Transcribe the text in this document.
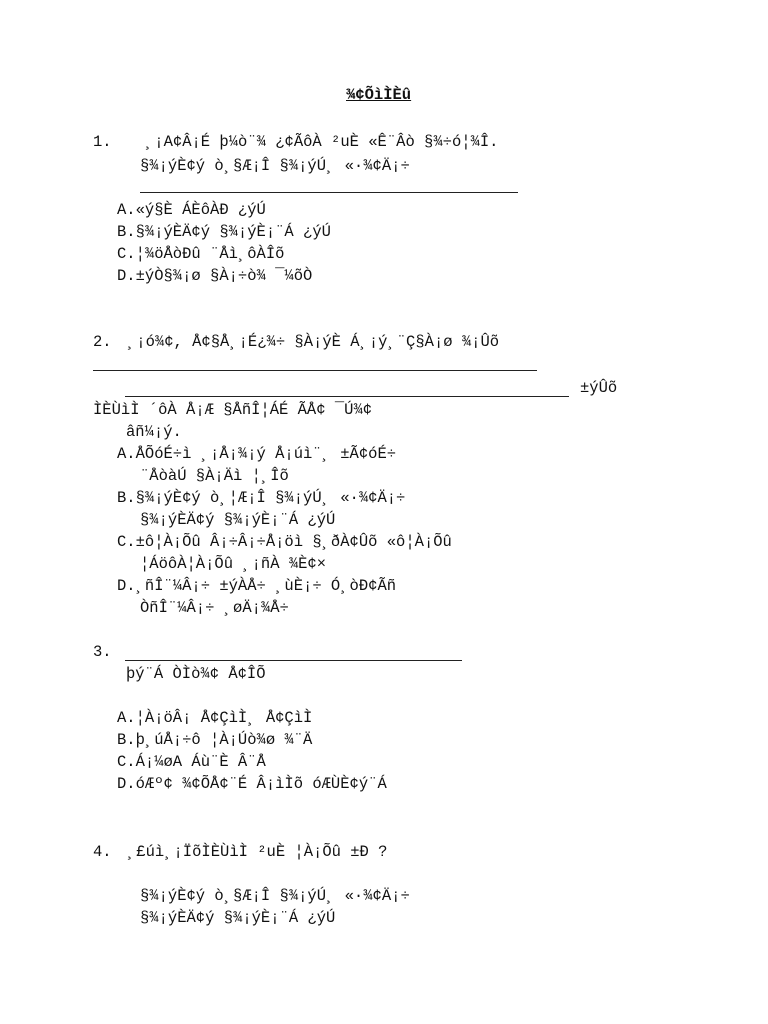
¾¢ÕìÌÈû
1. ¸¡A¢Â¡É þ¼ò¨¾ ¿¢ÃôÀ ²uÈ «Ê¨Âò §¾÷ó¦¾Î.
§¾¡ýÈ¢ý ò¸§Æ¡Î §¾¡ýÚ¸ «·¾¢Ä¡÷
A.«ý§È ÁÈôÀÐ ¿ýÚ
B.§¾¡ýÈÄ¢ý §¾¡ýÈ¡¨Á ¿ýÚ
C.¦¾öÅòÐû ¨Åì¸ôÀÎõ
D.±ýÒ§¾¡ø §À¡÷ò¾ ¯¼õÒ
2. ¸¡ó¾¢, Å¢§Å¸¡É¿¾÷ §À¡ýÈ Á¸¡ý¸¨Ç§À¡ø ¾¡Ûõ
±ýÛõ
ÌÈÙìÌ ´ôÀ Å¡Æ §ÅñÎ¦ÁÉ ÃÅ¢ ¯Ú¾¢
âñ¼¡ý.
A.ÅÕóÉ÷ì ¸¡Å¡¾¡ý Å¡úì¨¸ ±Ã¢óÉ÷
¨ÅòàÚ §À¡Äì ¦¸Îõ
B.§¾¡ýÈ¢ý ò¸¦Æ¡Î §¾¡ýÚ¸ «·¾¢Ä¡÷
§¾¡ýÈÄ¢ý §¾¡ýÈ¡¨Á ¿ýÚ
C.±ô¦À¡Õû Â¡÷Â¡÷Å¡öì §¸ðÀ¢Ûõ «ô¦À¡Õû
¦ÁöôÀ¦À¡Õû ¸¡ñÀ ¾È¢×
D.¸ñÎ¨¼Â¡÷ ±ýÀÅ÷ ¸ùÈ¡÷ Ó¸òÐ¢Ãñ
ÒñÎ¨¼Â¡÷ ¸øÄ¡¾Å÷
3.
þý¨Á ÒÌò¾¢ Å¢ÎÕ
A.¦À¡öÂ¡ Å¢ÇìÌ¸ Å¢ÇìÌ
B.þ¸úÅ¡÷ô ¦À¡Úò¾ø ¾¨Ä
C.Á¡¼øA Áù¨È Â¨Å
D.óÆº¢ ¾¢ÕÅ¢¨É Â¡ìÌõ óÆÙÈ¢ý¨Á
4. ¸£úì¸¡ÏõÌÈÙìÌ ²uÈ ¦À¡Õû ±Ð ?
§¾¡ýÈ¢ý ò¸§Æ¡Î §¾¡ýÚ¸ «·¾¢Ä¡÷
§¾¡ýÈÄ¢ý §¾¡ýÈ¡¨Á ¿ýÚ
